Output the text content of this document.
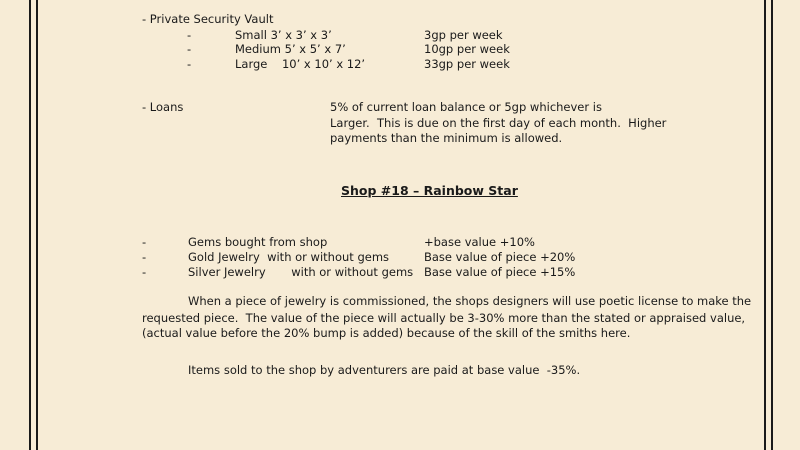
- Private Security Vault
-	Small 3’ x 3’ x 3’	3gp per week
-	Medium 5’ x 5’ x 7’	10gp per week
-	Large    10’ x 10’ x 12’	33gp per week
- Loans	5% of current loan balance or 5gp whichever is
Larger.  This is due on the first day of each month.  Higher
payments than the minimum is allowed.
Shop #18 – Rainbow Star
-	Gems bought from shop	+base value +10%
-	Gold Jewelry  with or without gems	Base value of piece +20%
-	Silver Jewelry       with or without gems Base value of piece +15%
When a piece of jewelry is commissioned, the shops designers will use poetic license to make the
requested piece.  The value of the piece will actually be 3-30% more than the stated or appraised value,
(actual value before the 20% bump is added) because of the skill of the smiths here.
Items sold to the shop by adventurers are paid at base value  -35%.
